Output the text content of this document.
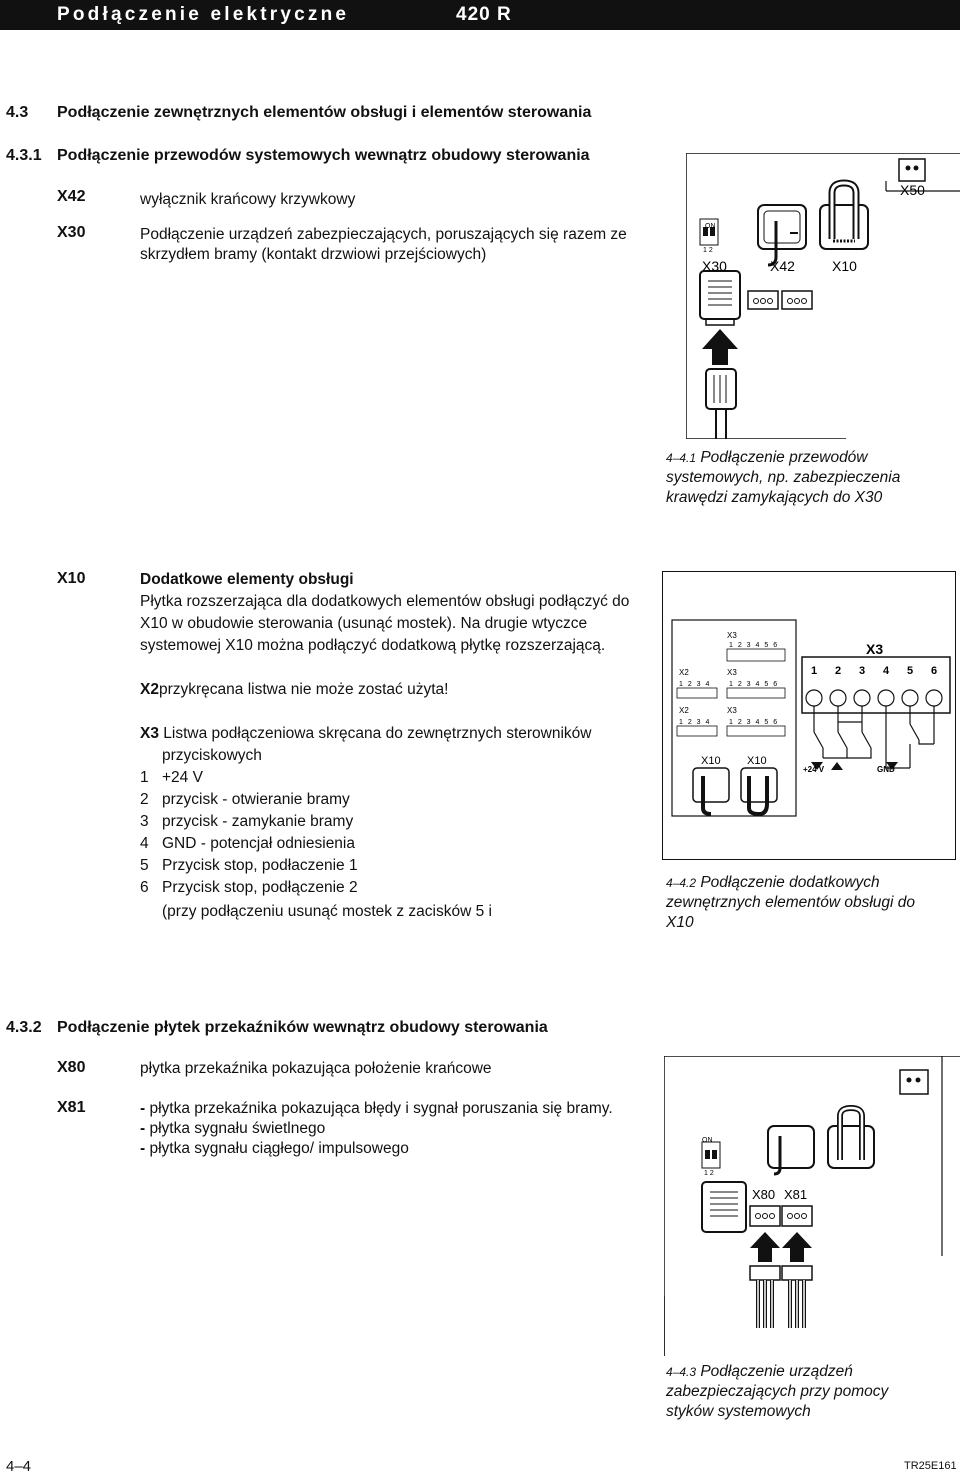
Podłączenie elektryczne	420 R
4.3 Podłączenie zewnętrznych elementów obsługi i elementów sterowania
4.3.1 Podłączenie przewodów systemowych wewnątrz obudowy sterowania
X42	wyłącznik krańcowy krzywkowy
X30	Podłączenie urządzeń zabezpieczających, poruszających się razem ze
skrzydłem bramy (kontakt drzwiowi przejściowych)
ON
1 2
X30	X42	X10
X50
4–4.1 Podłączenie przewodów
systemowych, np. zabezpieczenia
krawędzi zamykających do X30
X10	Dodatkowe elementy obsługi
Płytka rozszerzająca dla dodatkowych elementów obsługi podłączyć do
X10 w obudowie sterowania (usunąć mostek). Na drugie wtyczce
systemowej X10 można podłączyć dodatkową płytkę rozszerzającą.
X2przykręcana listwa nie może zostać użyta!
X3 Listwa podłączeniowa skręcana do zewnętrznych sterowników
przyciskowych
1 +24 V
2 przycisk - otwieranie bramy
3 przycisk - zamykanie bramy
4 GND - potencjał odniesienia
5 Przycisk stop, podłaczenie 1
6 Przycisk stop, podłączenie 2
(przy podłączeniu usunąć mostek z zacisków 5 i
X3
1 2 3 4 5 6
X2	X3
1 2 3 4	1 2 3 4 5 6
X2	X3
1 2 3 4	1 2 3 4 5 6
X10 X10
X3
1 2 3 4 5 6
+24 V	GND
4–4.2 Podłączenie dodatkowych
zewnętrznych elementów obsługi do
X10
4.3.2 Podłączenie płytek przekaźników wewnątrz obudowy sterowania
X80	płytka przekaźnika pokazująca położenie krańcowe
X81	- płytka przekaźnika pokazująca błędy i sygnał poruszania się bramy.
- płytka sygnału świetlnego
- płytka sygnału ciągłego/ impulsowego	ON
1 2
X80 X81
4–4.3 Podłączenie urządzeń
zabezpieczających przy pomocy
styków systemowych
4–4	TR25E161
